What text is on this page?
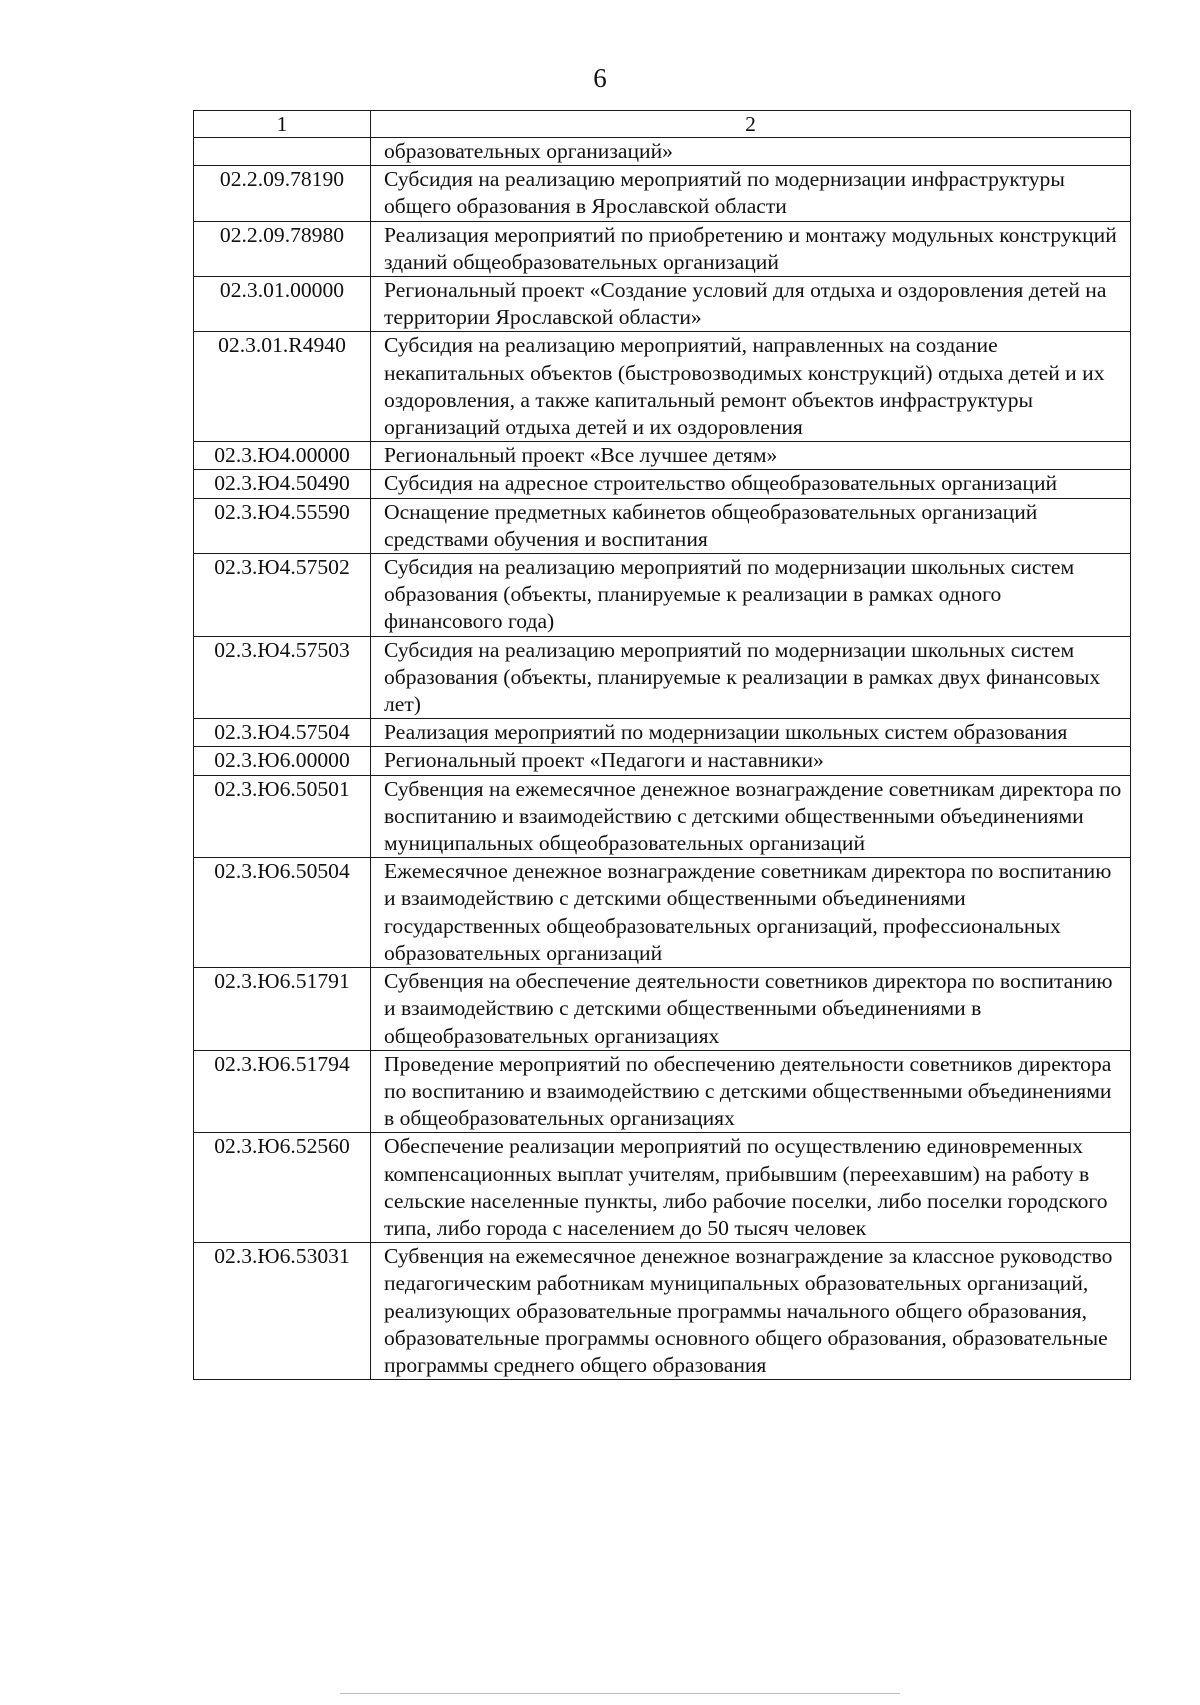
6
1	2
	образовательных организаций»
02.2.09.78190	Субсидия на реализацию мероприятий по модернизации инфраструктуры общего образования в Ярославской области
02.2.09.78980	Реализация мероприятий по приобретению и монтажу модульных конструкций зданий общеобразовательных организаций
02.3.01.00000	Региональный проект «Создание условий для отдыха и оздоровления детей на территории Ярославской области»
02.3.01.R4940	Субсидия на реализацию мероприятий, направленных на создание некапитальных объектов (быстровозводимых конструкций) отдыха детей и их оздоровления, а также капитальный ремонт объектов инфраструктуры организаций отдыха детей и их оздоровления
02.3.Ю4.00000	Региональный проект «Все лучшее детям»
02.3.Ю4.50490	Субсидия на адресное строительство общеобразовательных организаций
02.3.Ю4.55590	Оснащение предметных кабинетов общеобразовательных организаций средствами обучения и воспитания
02.3.Ю4.57502	Субсидия на реализацию мероприятий по модернизации школьных систем образования (объекты, планируемые к реализации в рамках одного финансового года)
02.3.Ю4.57503	Субсидия на реализацию мероприятий по модернизации школьных систем образования (объекты, планируемые к реализации в рамках двух финансовых лет)
02.3.Ю4.57504	Реализация мероприятий по модернизации школьных систем образования
02.3.Ю6.00000	Региональный проект «Педагоги и наставники»
02.3.Ю6.50501	Субвенция на ежемесячное денежное вознаграждение советникам директора по воспитанию и взаимодействию с детскими общественными объединениями муниципальных общеобразовательных организаций
02.3.Ю6.50504	Ежемесячное денежное вознаграждение советникам директора по воспитанию и взаимодействию с детскими общественными объединениями государственных общеобразовательных организаций, профессиональных образовательных организаций
02.3.Ю6.51791	Субвенция на обеспечение деятельности советников директора по воспитанию и взаимодействию с детскими общественными объединениями в общеобразовательных организациях
02.3.Ю6.51794	Проведение мероприятий по обеспечению деятельности советников директора по воспитанию и взаимодействию с детскими общественными объединениями в общеобразовательных организациях
02.3.Ю6.52560	Обеспечение реализации мероприятий по осуществлению единовременных компенсационных выплат учителям, прибывшим (переехавшим) на работу в сельские населенные пункты, либо рабочие поселки, либо поселки городского типа, либо города с населением до 50 тысяч человек
02.3.Ю6.53031	Субвенция на ежемесячное денежное вознаграждение за классное руководство педагогическим работникам муниципальных образовательных организаций, реализующих образовательные программы начального общего образования, образовательные программы основного общего образования, образовательные программы среднего общего образования
